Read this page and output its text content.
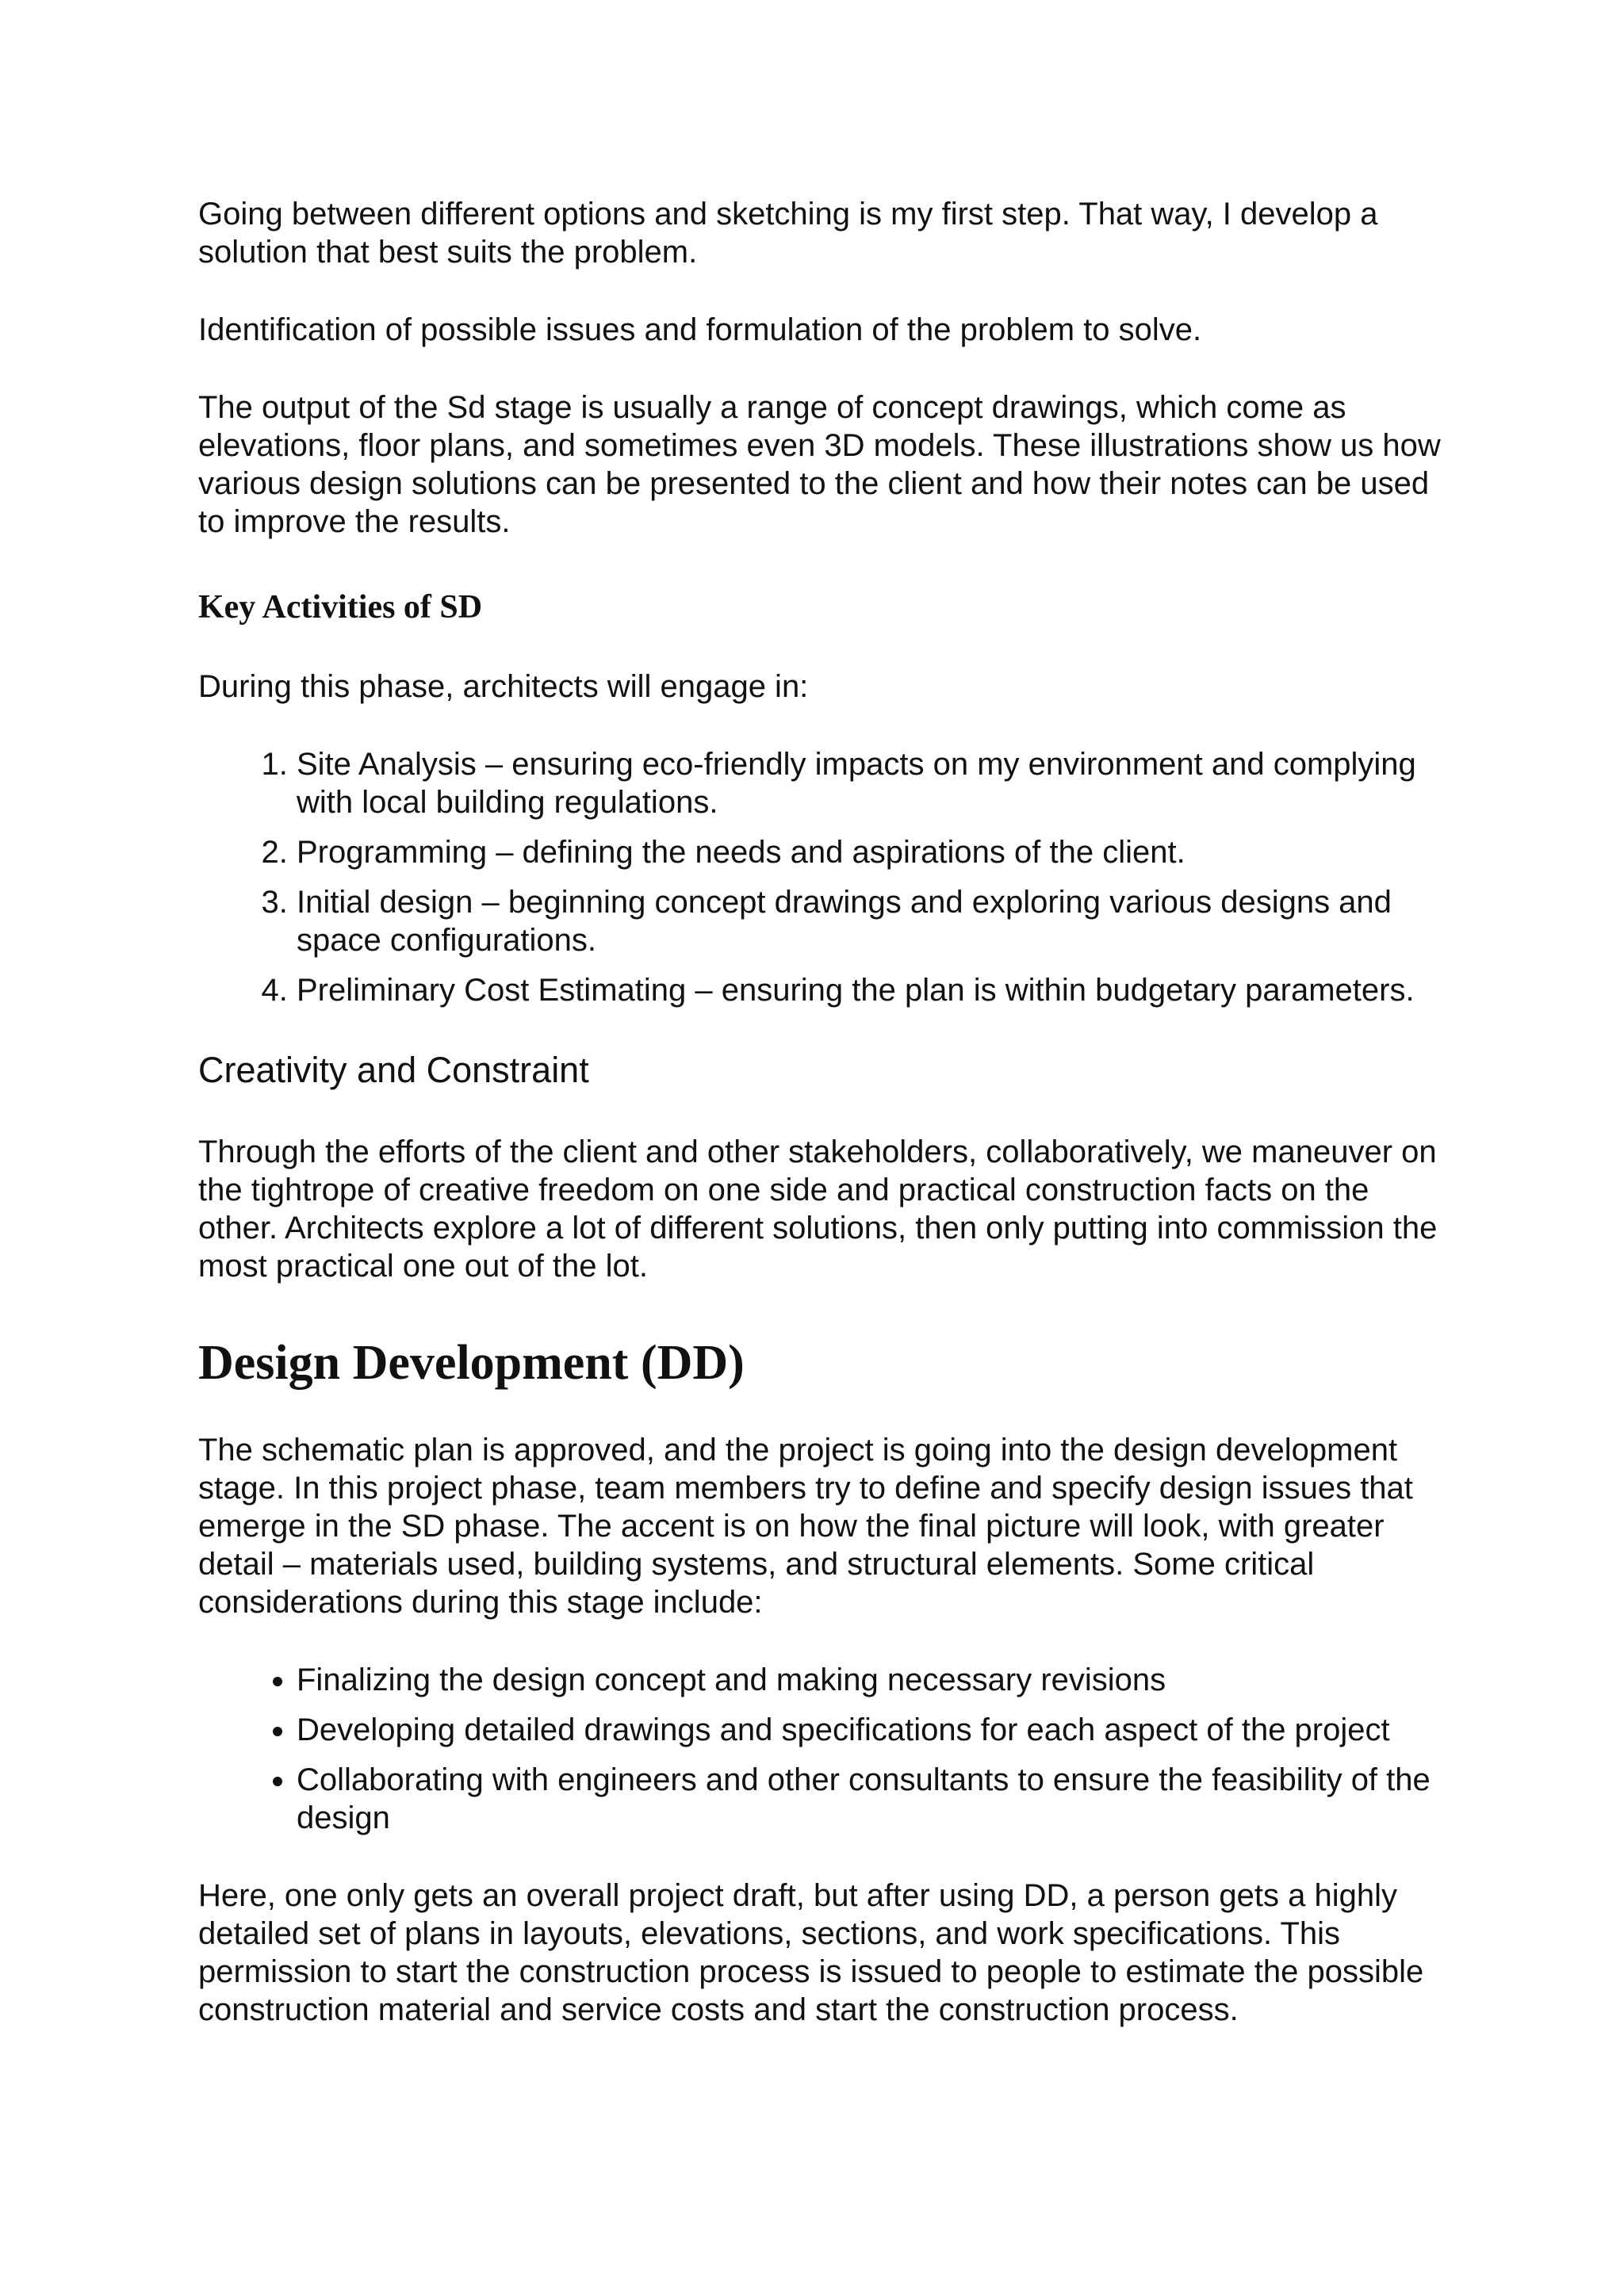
Going between different options and sketching is my first step. That way, I develop a solution that best suits the problem.

Identification of possible issues and formulation of the problem to solve.

The output of the Sd stage is usually a range of concept drawings, which come as elevations, floor plans, and sometimes even 3D models. These illustrations show us how various design solutions can be presented to the client and how their notes can be used to improve the results.

Key Activities of SD

During this phase, architects will engage in:

1. Site Analysis – ensuring eco-friendly impacts on my environment and complying with local building regulations.
2. Programming – defining the needs and aspirations of the client.
3. Initial design – beginning concept drawings and exploring various designs and space configurations.
4. Preliminary Cost Estimating – ensuring the plan is within budgetary parameters.
Creativity and Constraint

Through the efforts of the client and other stakeholders, collaboratively, we maneuver on the tightrope of creative freedom on one side and practical construction facts on the other. Architects explore a lot of different solutions, then only putting into commission the most practical one out of the lot.

Design Development (DD)

The schematic plan is approved, and the project is going into the design development stage. In this project phase, team members try to define and specify design issues that emerge in the SD phase. The accent is on how the final picture will look, with greater detail – materials used, building systems, and structural elements. Some critical considerations during this stage include:

• Finalizing the design concept and making necessary revisions
• Developing detailed drawings and specifications for each aspect of the project
• Collaborating with engineers and other consultants to ensure the feasibility of the design

Here, one only gets an overall project draft, but after using DD, a person gets a highly detailed set of plans in layouts, elevations, sections, and work specifications. This permission to start the construction process is issued to people to estimate the possible construction material and service costs and start the construction process.
